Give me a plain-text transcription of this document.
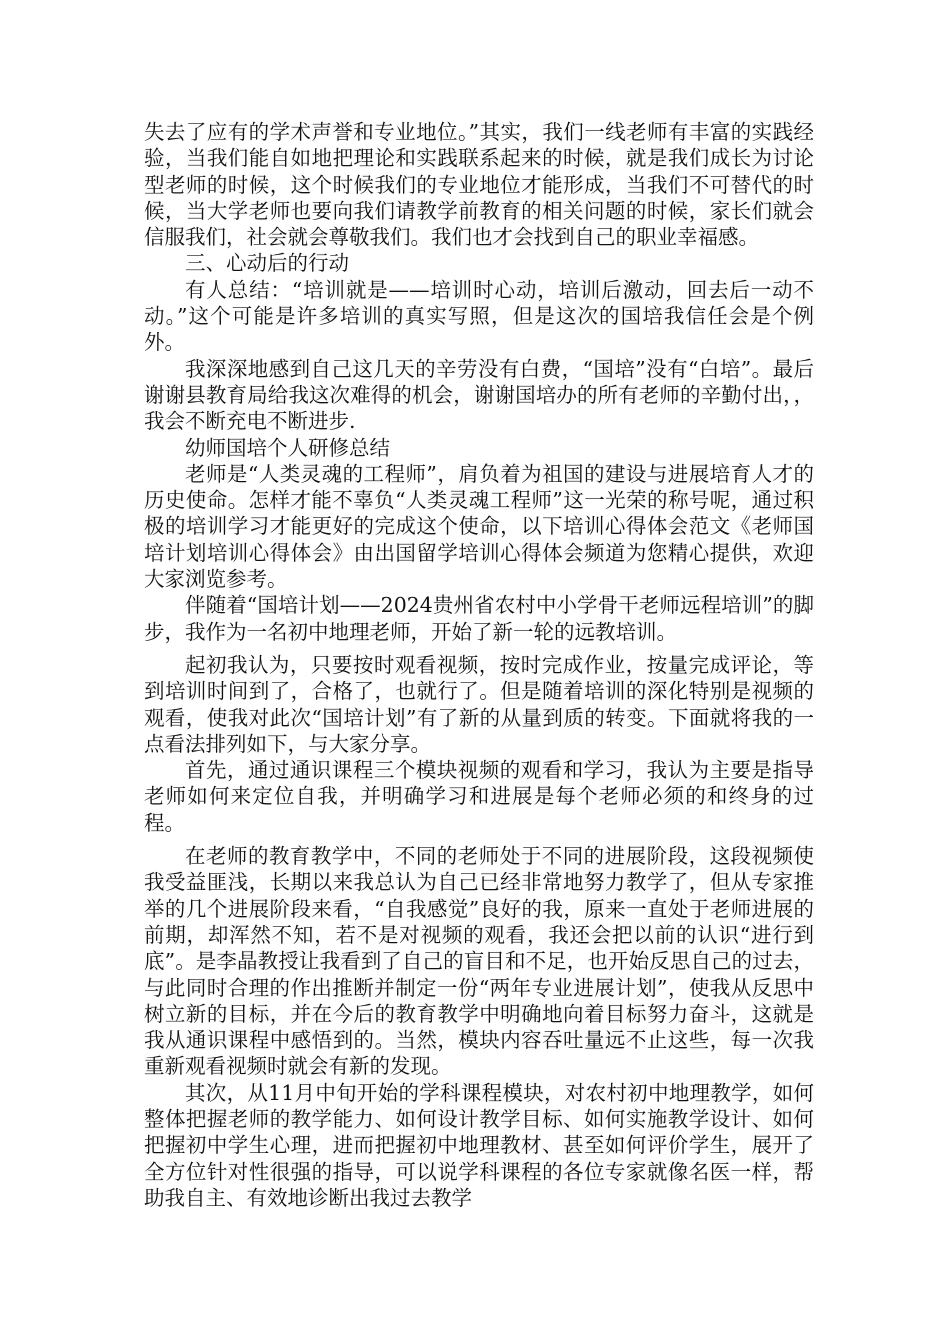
失去了应有的学术声誉和专业地位。”其实，我们一线老师有丰富的实践经验，当我们能自如地把理论和实践联系起来的时候，就是我们成长为讨论型老师的时候，这个时候我们的专业地位才能形成，当我们不可替代的时候，当大学老师也要向我们请教学前教育的相关问题的时候，家长们就会信服我们，社会就会尊敬我们。我们也才会找到自己的职业幸福感。

三、心动后的行动

有人总结：“培训就是——培训时心动，培训后激动，回去后一动不动。”这个可能是许多培训的真实写照，但是这次的国培我信任会是个例外。

我深深地感到自己这几天的辛劳没有白费，“国培”没有“白培”。最后谢谢县教育局给我这次难得的机会，谢谢国培办的所有老师的辛勤付出，，我会不断充电不断进步.

幼师国培个人研修总结

老师是“人类灵魂的工程师”，肩负着为祖国的建设与进展培育人才的历史使命。怎样才能不辜负“人类灵魂工程师”这一光荣的称号呢，通过积极的培训学习才能更好的完成这个使命，以下培训心得体会范文《老师国培计划培训心得体会》由出国留学培训心得体会频道为您精心提供，欢迎大家浏览参考。

伴随着“国培计划——2024贵州省农村中小学骨干老师远程培训”的脚步，我作为一名初中地理老师，开始了新一轮的远教培训。

起初我认为，只要按时观看视频，按时完成作业，按量完成评论，等到培训时间到了，合格了，也就行了。但是随着培训的深化特别是视频的观看，使我对此次“国培计划”有了新的从量到质的转变。下面就将我的一点看法排列如下，与大家分享。

首先，通过通识课程三个模块视频的观看和学习，我认为主要是指导老师如何来定位自我，并明确学习和进展是每个老师必须的和终身的过程。

在老师的教育教学中，不同的老师处于不同的进展阶段，这段视频使我受益匪浅，长期以来我总认为自己已经非常地努力教学了，但从专家推举的几个进展阶段来看，“自我感觉”良好的我，原来一直处于老师进展的前期，却浑然不知，若不是对视频的观看，我还会把以前的认识“进行到底”。是李晶教授让我看到了自己的盲目和不足，也开始反思自己的过去，与此同时合理的作出推断并制定一份“两年专业进展计划”，使我从反思中树立新的目标，并在今后的教育教学中明确地向着目标努力奋斗，这就是我从通识课程中感悟到的。当然，模块内容吞吐量远不止这些，每一次我重新观看视频时就会有新的发现。

其次，从11月中旬开始的学科课程模块，对农村初中地理教学，如何整体把握老师的教学能力、如何设计教学目标、如何实施教学设计、如何把握初中学生心理，进而把握初中地理教材、甚至如何评价学生，展开了全方位针对性很强的指导，可以说学科课程的各位专家就像名医一样，帮助我自主、有效地诊断出我过去教学
